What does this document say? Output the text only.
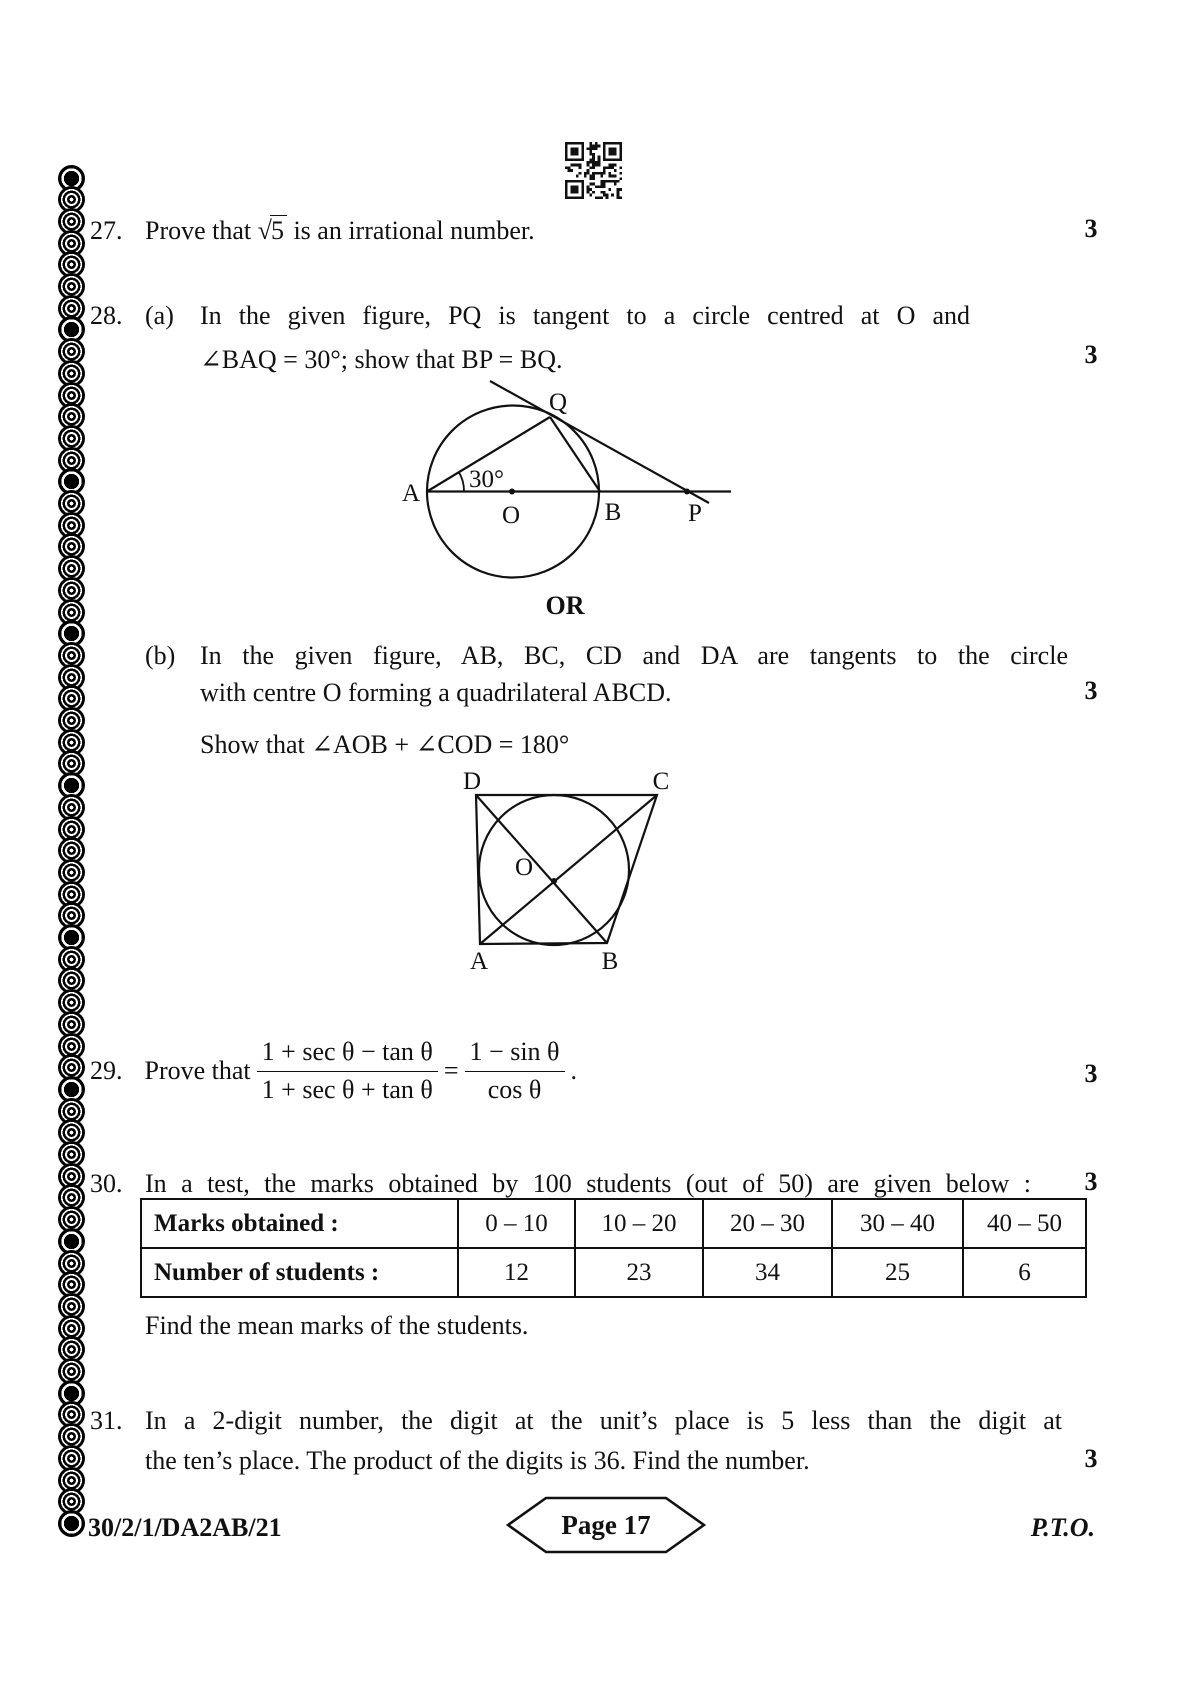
27. Prove that √5 is an irrational number.	3
28. (a) In the given figure, PQ is tangent to a circle centred at O and
∠BAQ = 30°; show that BP = BQ.	3
30°
Q
A
O	B	P
OR
(b) In the given figure, AB, BC, CD and DA are tangents to the circle
with centre O forming a quadrilateral ABCD.	3
Show that ∠AOB + ∠COD = 180°
D	C
O
A	B
29. Prove that $\frac{\text{1 + sec θ − tan θ}}{\text{1 + sec θ + tan θ}} = \frac{\text{1 − sin θ}}{\text{cos θ}}$ .	3
30. In a test, the marks obtained by 100 students (out of 50) are given below :	3
Marks obtained :	0 – 10	10 – 20	20 – 30	30 – 40	40 – 50
Number of students :	12	23	34	25	6
Find the mean marks of the students.
31. In a 2-digit number, the digit at the unit’s place is 5 less than the digit at
the ten’s place. The product of the digits is 36. Find the number.	3
30/2/1/DA2AB/21	Page 17	P.T.O.
